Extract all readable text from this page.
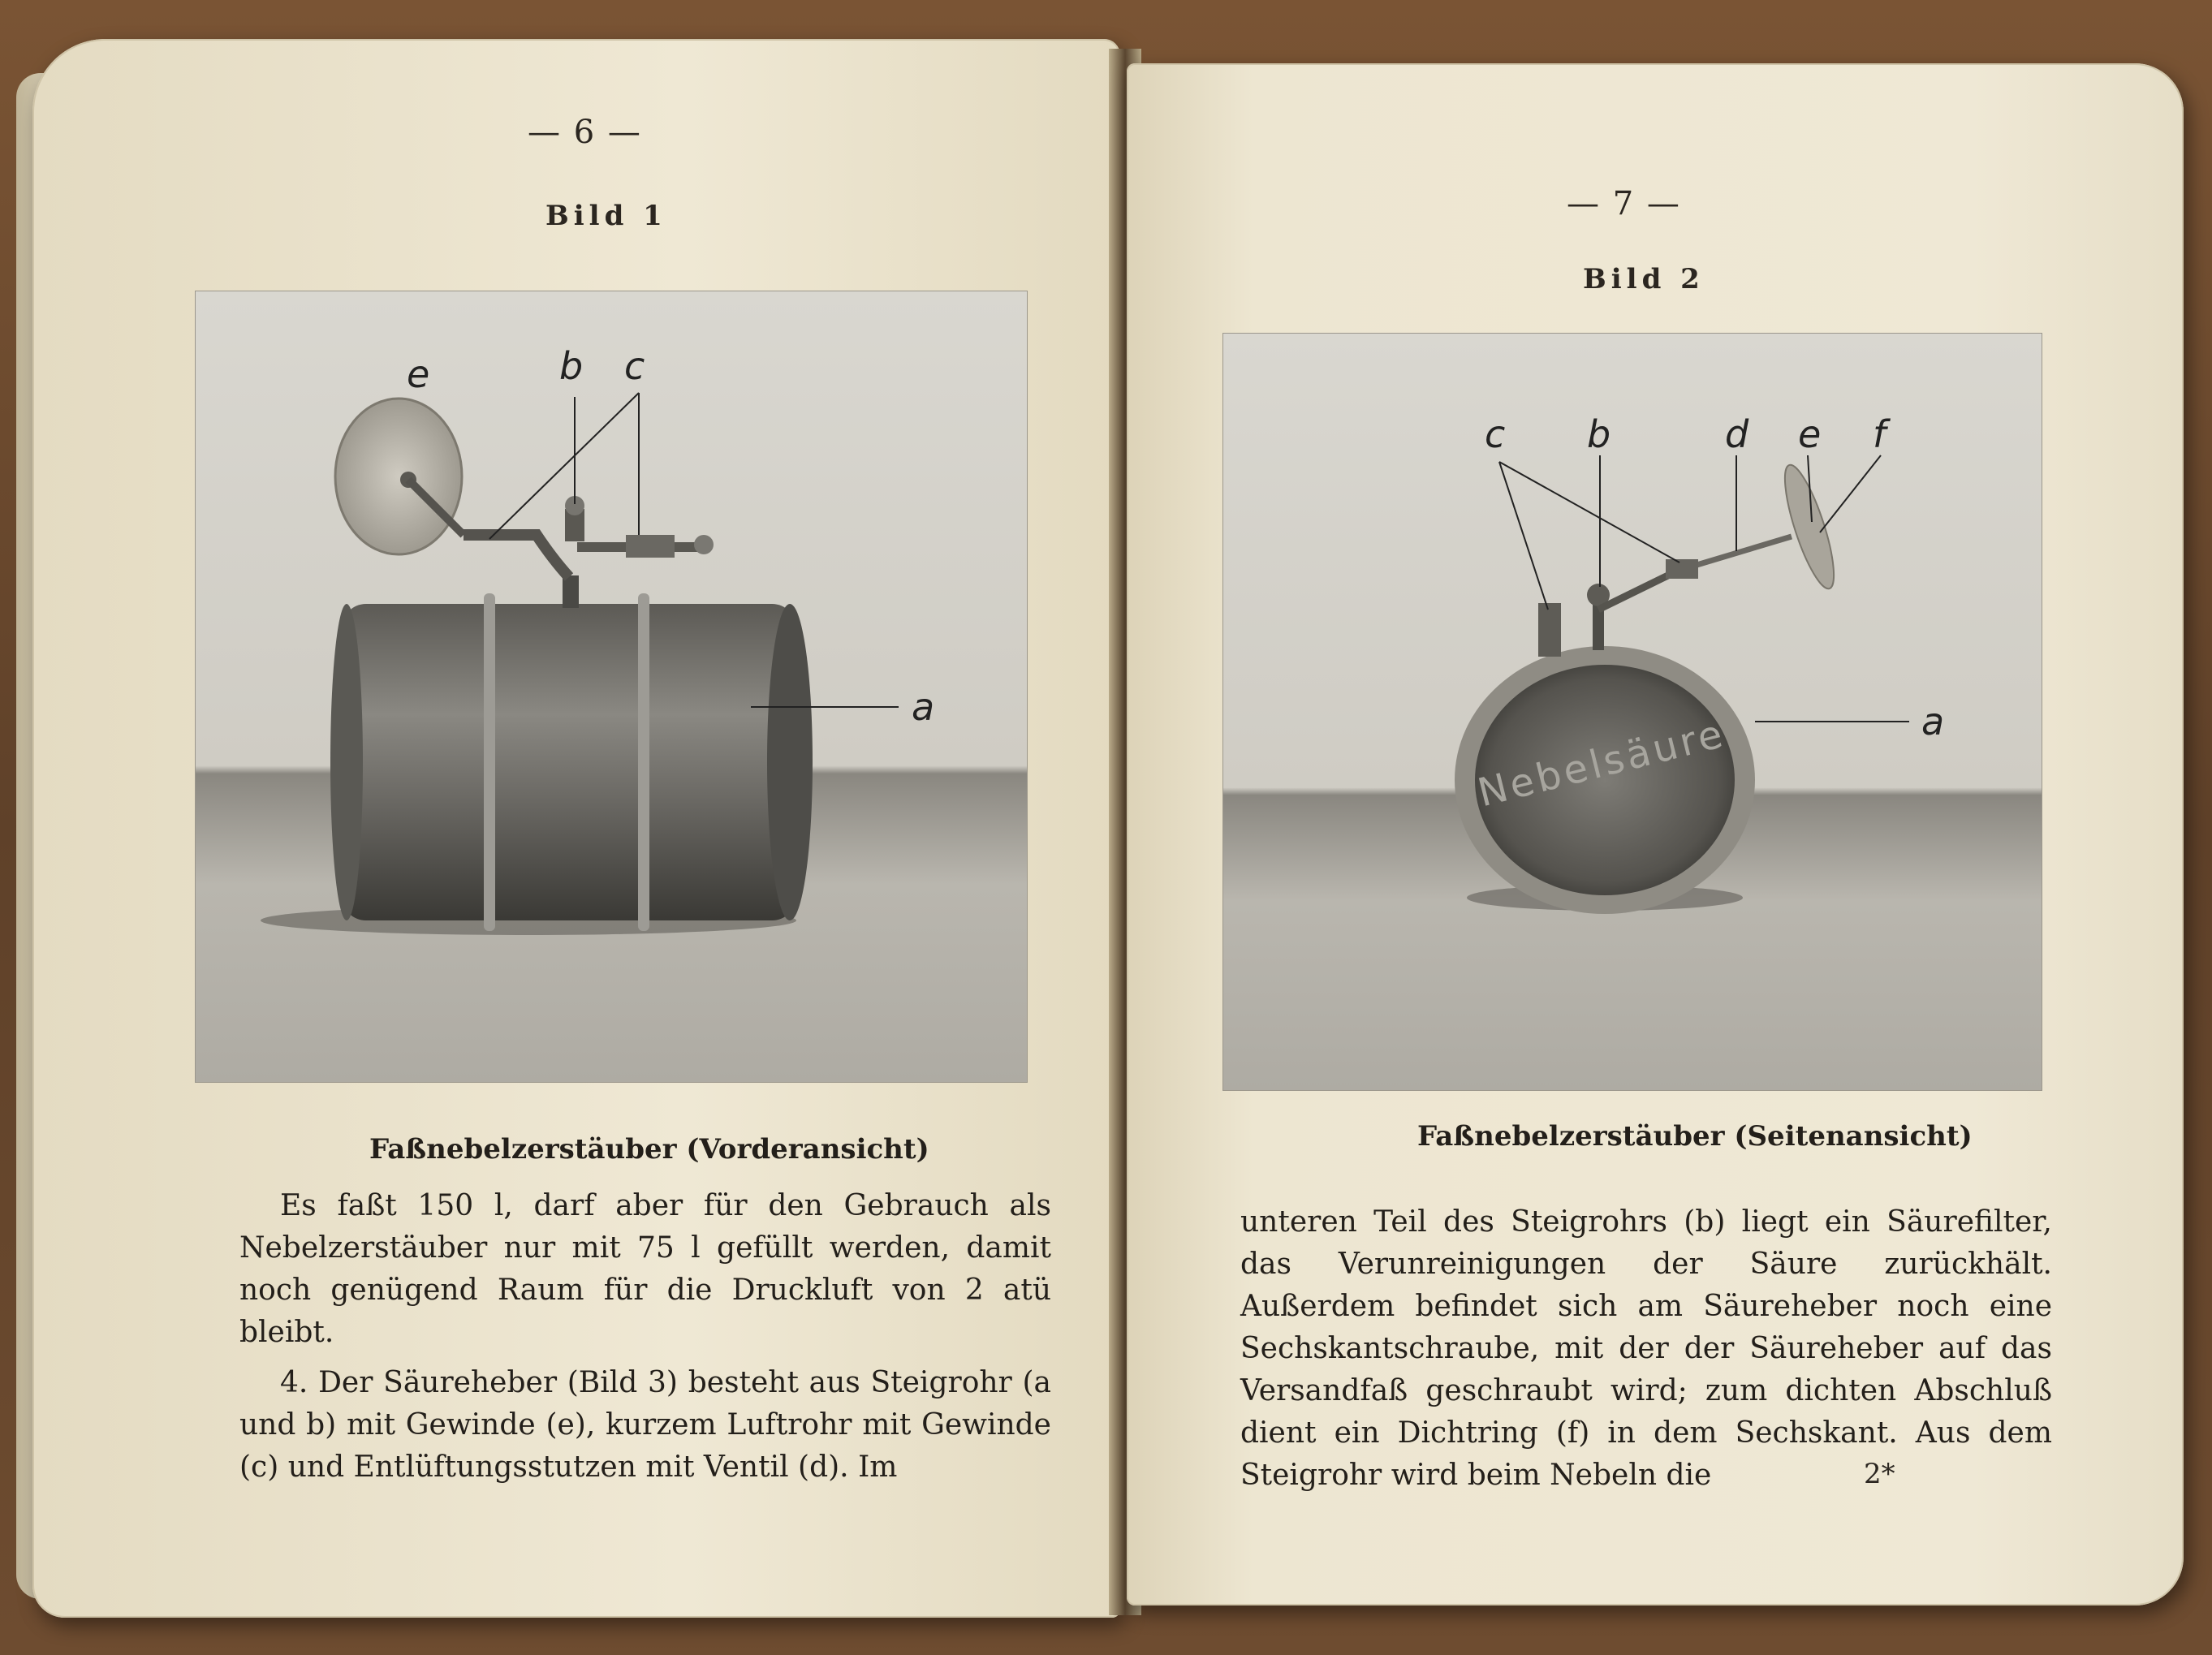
— 6 —
Bild 1
e	b c
a
Faßnebelzerstäuber (Vorderansicht)

Es faßt 150 l, darf aber für den Gebrauch als Nebelzerstäuber nur mit 75 l gefüllt werden, damit noch genügend Raum für die Druckluft von 2 atü bleibt.

4. Der Säureheber (Bild 3) besteht aus Steigrohr (a und b) mit Gewinde (e), kurzem Luftrohr mit Gewinde (c) und Entlüftungsstutzen mit Ventil (d). Im

— 7 —
Bild 2
Nebelsäure
c b	d e f
a
Faßnebelzerstäuber (Seitenansicht)

unteren Teil des Steigrohrs (b) liegt ein Säurefilter, das Verunreinigungen der Säure zurückhält. Außerdem befindet sich am Säureheber noch eine Sechskantschraube, mit der der Säureheber auf das Versandfaß geschraubt wird; zum dichten Abschluß dient ein Dichtring (f) in dem Sechskant. Aus dem Steigrohr wird beim Nebeln die	2*
